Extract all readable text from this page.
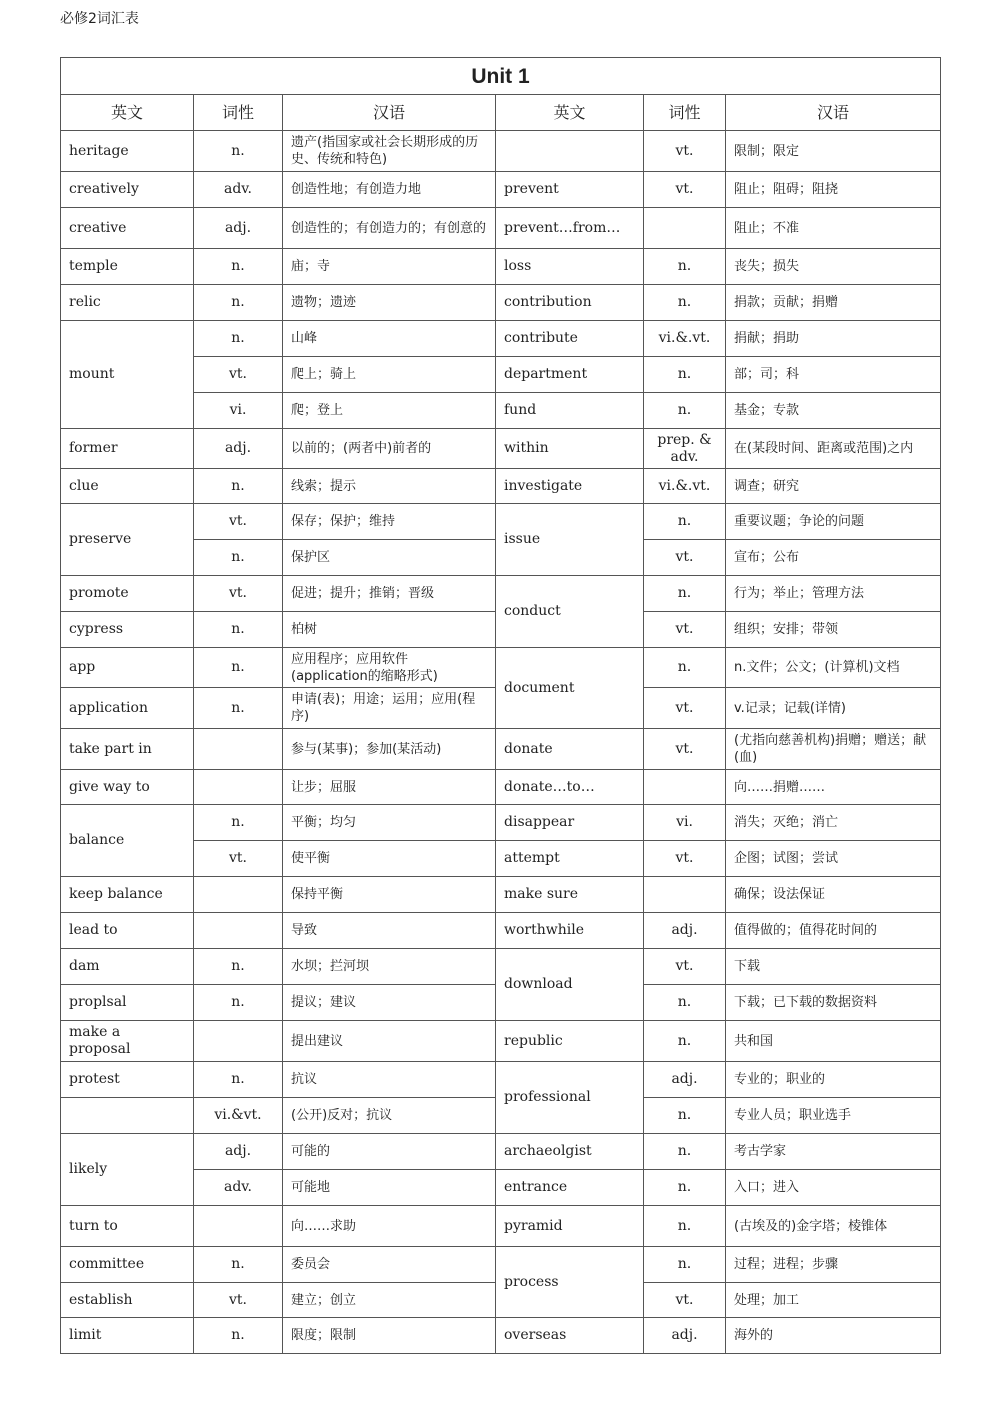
必修2词汇表
Unit 1					
英文	词性	汉语	英文	词性	汉语
heritage	n.	遗产(指国家或社会长期形成的历史、传统和特色)		vt.	限制；限定
creatively	adv.	创造性地；有创造力地	prevent	vt.	阻止；阻碍；阻挠
creative	adj.	创造性的；有创造力的；有创意的	prevent…from…		阻止；不准
temple	n.	庙；寺	loss	n.	丧失；损失
relic	n.	遗物；遗迹	contribution	n.	捐款；贡献；捐赠
mount	n.	山峰	contribute	vi.&.vt.	捐献；捐助
	vt.	爬上；骑上	department	n.	部；司；科
	vi.	爬；登上	fund	n.	基金；专款
former	adj.	以前的；(两者中)前者的	within	prep. & adv.	在(某段时间、距离或范围)之内
clue	n.	线索；提示	investigate	vi.&.vt.	调查；研究
preserve	vt.	保存；保护；维持	issue	n.	重要议题；争论的问题
	n.	保护区		vt.	宣布；公布
promote	vt.	促进；提升；推销；晋级	conduct	n.	行为；举止；管理方法
cypress	n.	柏树		vt.	组织；安排；带领
app	n.	应用程序；应用软件 (application的缩略形式)	document	n.	n.文件；公文；(计算机)文档
application	n.	申请(表)；用途；运用；应用(程序)		vt.	v.记录；记载(详情)
take part in		参与(某事)；参加(某活动)	donate	vt.	(尤指向慈善机构)捐赠；赠送；献(血)
give way to		让步；屈服	donate…to…		向……捐赠……
balance	n.	平衡；均匀	disappear	vi.	消失；灭绝；消亡
	vt.	使平衡	attempt	vt.	企图；试图；尝试
keep balance		保持平衡	make sure		确保；设法保证
lead to		导致	worthwhile	adj.	值得做的；值得花时间的
dam	n.	水坝；拦河坝	download	vt.	下载
proplsal	n.	提议；建议		n.	下载；已下载的数据资料
make a proposal		提出建议	republic	n.	共和国
protest	n.	抗议	professional	adj.	专业的；职业的
	vi.&vt.	(公开)反对；抗议		n.	专业人员；职业选手
likely	adj.	可能的	archaeolgist	n.	考古学家
	adv.	可能地	entrance	n.	入口；进入
turn to		向……求助	pyramid	n.	(古埃及的)金字塔；棱锥体
committee	n.	委员会	process	n.	过程；进程；步骤
establish	vt.	建立；创立		vt.	处理；加工
limit	n.	限度；限制	overseas	adj.	海外的
